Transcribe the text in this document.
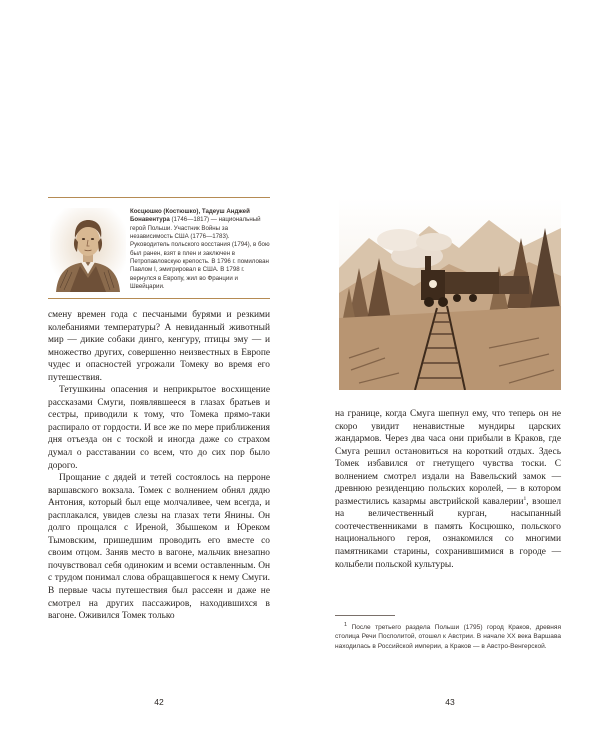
Косцюшко (Костюшко), Тадеуш Анджей Бонавентура (1746—1817) — национальный герой Польши. Участник Войны за независимость США (1776—1783). Руководитель польского восстания (1794), в бою был ранен, взят в плен и заключен в Петропавловскую крепость. В 1796 г. помилован Павлом I, эмигрировал в США. В 1798 г. вернулся в Европу, жил во Франции и Швейцарии.

смену времен года с песчаными бурями и резкими колебаниями температуры? А невиданный животный мир — дикие собаки динго, кенгуру, птицы эму — и множество других, совершенно неизвестных в Европе чудес и опасностей угрожали Томеку во время его путешествия.

Тетушкины опасения и неприкрытое восхищение рассказами Смуги, появлявшееся в глазах братьев и сестры, приводили к тому, что Томека прямо-таки распирало от гордости. И все же по мере приближения дня отъезда он с тоской и иногда даже со страхом думал о расставании со всем, что до сих пор было дорого.

Прощание с дядей и тетей состоялось на перроне варшавского вокзала. Томек с волнением обнял дядю Антония, который был еще молчаливее, чем всегда, и расплакался, увидев слезы на глазах тети Янины. Он долго прощался с Иреной, Збышеком и Юреком Тымовским, пришедшим проводить его вместе со своим отцом. Заняв место в вагоне, мальчик внезапно почувствовал себя одиноким и всеми оставленным. Он с трудом понимал слова обращавшегося к нему Смуги. В первые часы путешествия был рассеян и даже не смотрел на других пассажиров, находившихся в вагоне. Оживился Томек только

42

на границе, когда Смуга шепнул ему, что теперь он не скоро увидит ненавистные мундиры царских жандармов. Через два часа они прибыли в Краков, где Смуга решил остановиться на короткий отдых. Здесь Томек избавился от гнетущего чувства тоски. С волнением смотрел издали на Вавельский замок — древнюю резиденцию польских королей, — в котором разместились казармы австрийской кавалерии$^1$, взошел на величественный курган, насыпанный соотечественниками в память Косцюшко, польского национального героя, ознакомился со многими памятниками старины, сохранившимися в городе — колыбели польской культуры.

$^1$ После третьего раздела Польши (1795) город Краков, древняя столица Речи Посполитой, отошел к Австрии. В начале XX века Варшава находилась в Российской империи, а Краков — в Австро-Венгерской.
43
